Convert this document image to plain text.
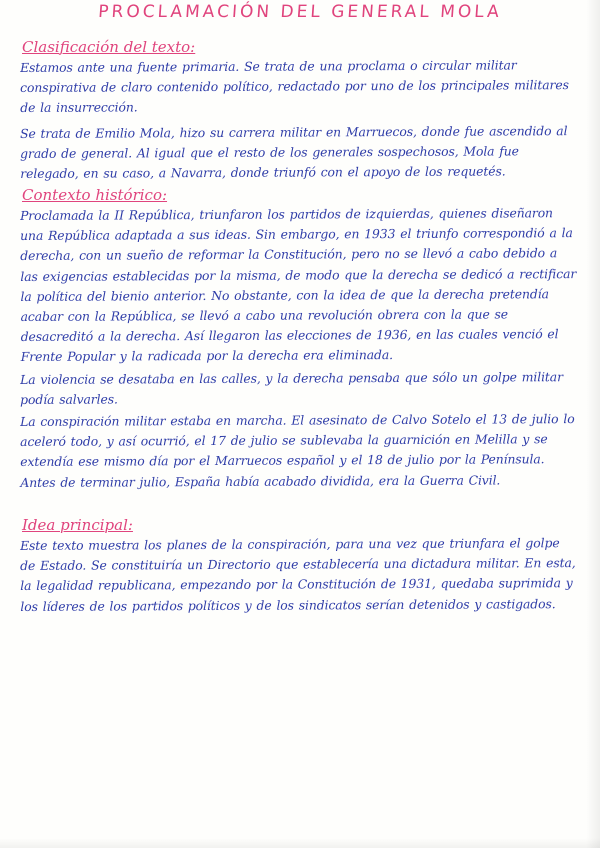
PROCLAMACIÓN DEL GENERAL MOLA
Clasificación del texto:
Estamos ante una fuente primaria. Se trata de una proclama o circular militar conspirativa de claro contenido político, redactado por uno de los principales militares de la insurrección.
Se trata de Emilio Mola, hizo su carrera militar en Marruecos, donde fue ascendido al grado de general. Al igual que el resto de los generales sospechosos, Mola fue relegado, en su caso, a Navarra, donde triunfó con el apoyo de los requetés.
Contexto histórico:
Proclamada la II República, triunfaron los partidos de izquierdas, quienes diseñaron una República adaptada a sus ideas. Sin embargo, en 1933 el triunfo correspondió a la derecha, con un sueño de reformar la Constitución, pero no se llevó a cabo debido a las exigencias establecidas por la misma, de modo que la derecha se dedicó a rectificar la política del bienio anterior. No obstante, con la idea de que la derecha pretendía acabar con la República, se llevó a cabo una revolución obrera con la que se desacreditó a la derecha. Así llegaron las elecciones de 1936, en las cuales venció el Frente Popular y la radicada por la derecha era eliminada.
La violencia se desataba en las calles, y la derecha pensaba que sólo un golpe militar podía salvarles.
La conspiración militar estaba en marcha. El asesinato de Calvo Sotelo el 13 de julio lo aceleró todo, y así ocurrió, el 17 de julio se sublevaba la guarnición en Melilla y se extendía ese mismo día por el Marruecos español y el 18 de julio por la Península. Antes de terminar julio, España había acabado dividida, era la Guerra Civil.
Idea principal:
Este texto muestra los planes de la conspiración, para una vez que triunfara el golpe de Estado. Se constituiría un Directorio que establecería una dictadura militar. En esta, la legalidad republicana, empezando por la Constitución de 1931, quedaba suprimida y los líderes de los partidos políticos y de los sindicatos serían detenidos y castigados.
